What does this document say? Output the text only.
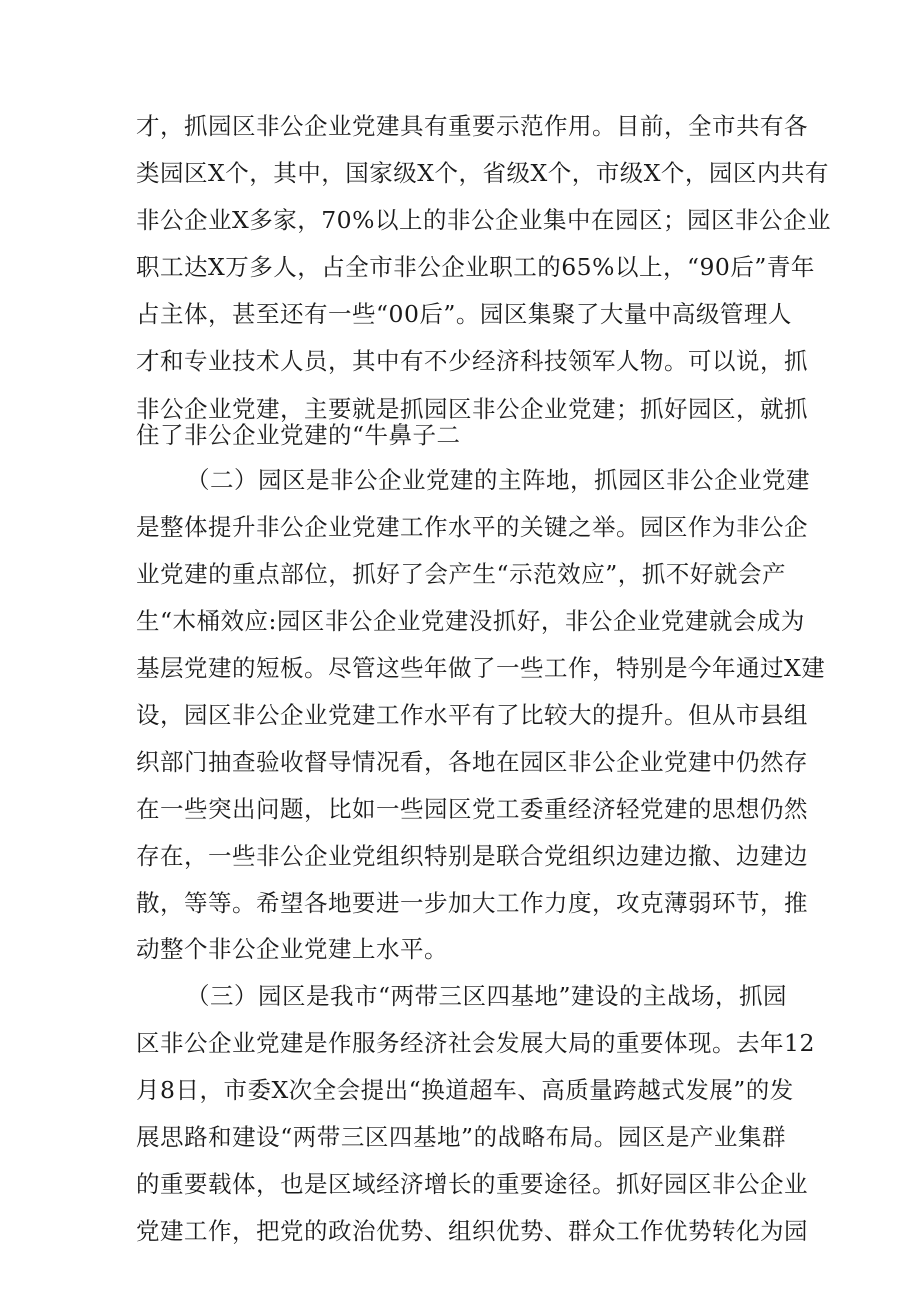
才，抓园区非公企业党建具有重要示范作用。目前，全市共有各
类园区X个，其中，国家级X个，省级X个，市级X个，园区内共有
非公企业X多家，70%以上的非公企业集中在园区；园区非公企业
职工达X万多人，占全市非公企业职工的65%以上，“90后”青年
占主体，甚至还有一些“00后”。园区集聚了大量中高级管理人
才和专业技术人员，其中有不少经济科技领军人物。可以说，抓
非公企业党建，主要就是抓园区非公企业党建；抓好园区，就抓
住了非公企业党建的“牛鼻子二
（二）园区是非公企业党建的主阵地，抓园区非公企业党建
是整体提升非公企业党建工作水平的关键之举。园区作为非公企
业党建的重点部位，抓好了会产生“示范效应”，抓不好就会产
生“木桶效应:园区非公企业党建没抓好，非公企业党建就会成为
基层党建的短板。尽管这些年做了一些工作，特别是今年通过X建
设，园区非公企业党建工作水平有了比较大的提升。但从市县组
织部门抽查验收督导情况看，各地在园区非公企业党建中仍然存
在一些突出问题，比如一些园区党工委重经济轻党建的思想仍然
存在，一些非公企业党组织特别是联合党组织边建边撤、边建边
散，等等。希望各地要进一步加大工作力度，攻克薄弱环节，推
动整个非公企业党建上水平。
（三）园区是我市“两带三区四基地”建设的主战场，抓园
区非公企业党建是作服务经济社会发展大局的重要体现。去年12
月8日，市委X次全会提出“换道超车、高质量跨越式发展”的发
展思路和建设“两带三区四基地”的战略布局。园区是产业集群
的重要载体，也是区域经济增长的重要途径。抓好园区非公企业
党建工作，把党的政治优势、组织优势、群众工作优势转化为园
